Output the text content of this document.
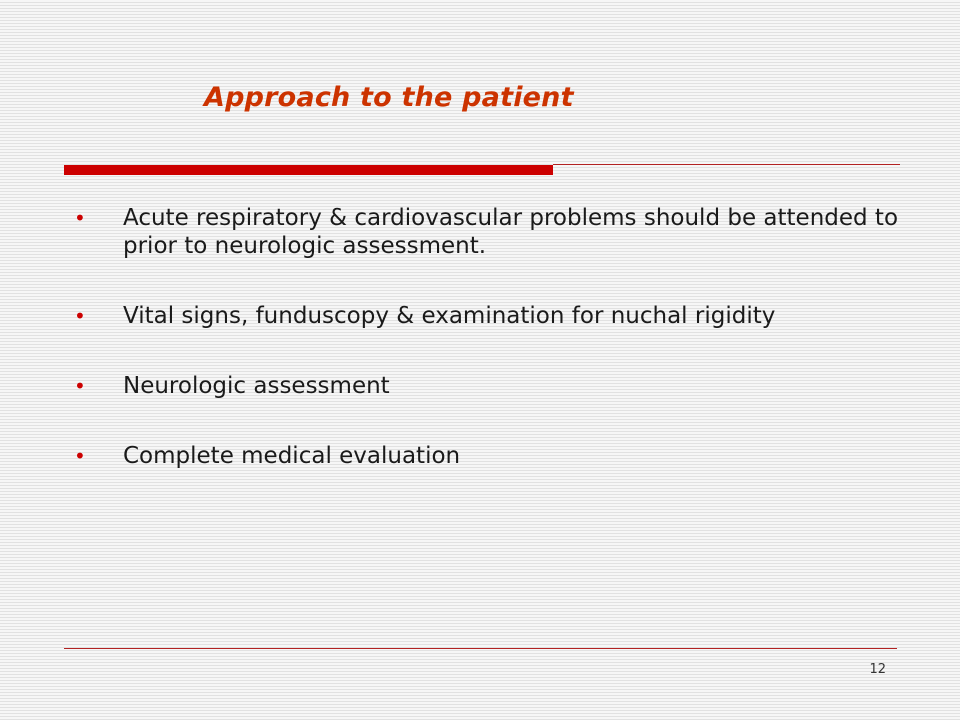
Approach to the patient
•	Acute respiratory & cardiovascular problems should be attended to prior to neurologic assessment.
•	Vital signs, funduscopy & examination for nuchal rigidity
•	Neurologic assessment
•	Complete medical evaluation
12
